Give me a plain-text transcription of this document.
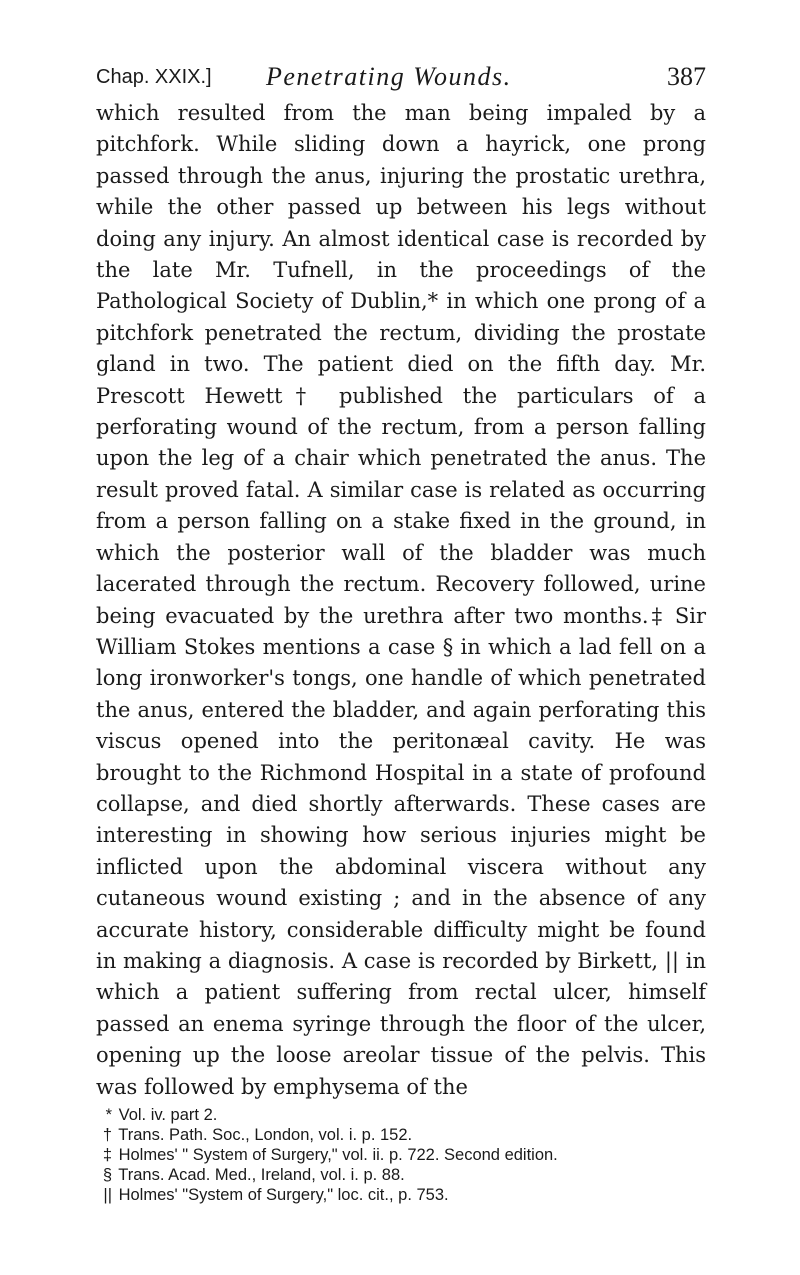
Chap. XXIX.] Penetrating Wounds.	387
which resulted from the man being impaled by a pitchfork. While sliding down a hayrick, one prong passed through the anus, injuring the prostatic urethra, while the other passed up between his legs without doing any injury. An almost identical case is recorded by the late Mr. Tufnell, in the proceedings of the Pathological Society of Dublin,* in which one prong of a pitchfork penetrated the rectum, dividing the prostate gland in two. The patient died on the fifth day. Mr. Prescott Hewett† published the particulars of a perforating wound of the rectum, from a person falling upon the leg of a chair which penetrated the anus. The result proved fatal. A similar case is related as occurring from a person falling on a stake fixed in the ground, in which the posterior wall of the bladder was much lacerated through the rectum. Recovery followed, urine being evacuated by the urethra after two months.‡ Sir William Stokes mentions a case § in which a lad fell on a long ironworker's tongs, one handle of which penetrated the anus, entered the bladder, and again perforating this viscus opened into the peritonæal cavity. He was brought to the Richmond Hospital in a state of profound collapse, and died shortly afterwards. These cases are interesting in showing how serious injuries might be inflicted upon the abdominal viscera without any cutaneous wound existing ; and in the absence of any accurate history, considerable difficulty might be found in making a diagnosis. A case is recorded by Birkett, || in which a patient suffering from rectal ulcer, himself passed an enema syringe through the floor of the ulcer, opening up the loose areolar tissue of the pelvis. This was followed by emphysema of the
* Vol. iv. part 2.
† Trans. Path. Soc., London, vol. i. p. 152.
‡ Holmes' " System of Surgery," vol. ii. p. 722. Second edition.
§ Trans. Acad. Med., Ireland, vol. i. p. 88.
|| Holmes' "System of Surgery," loc. cit., p. 753.
